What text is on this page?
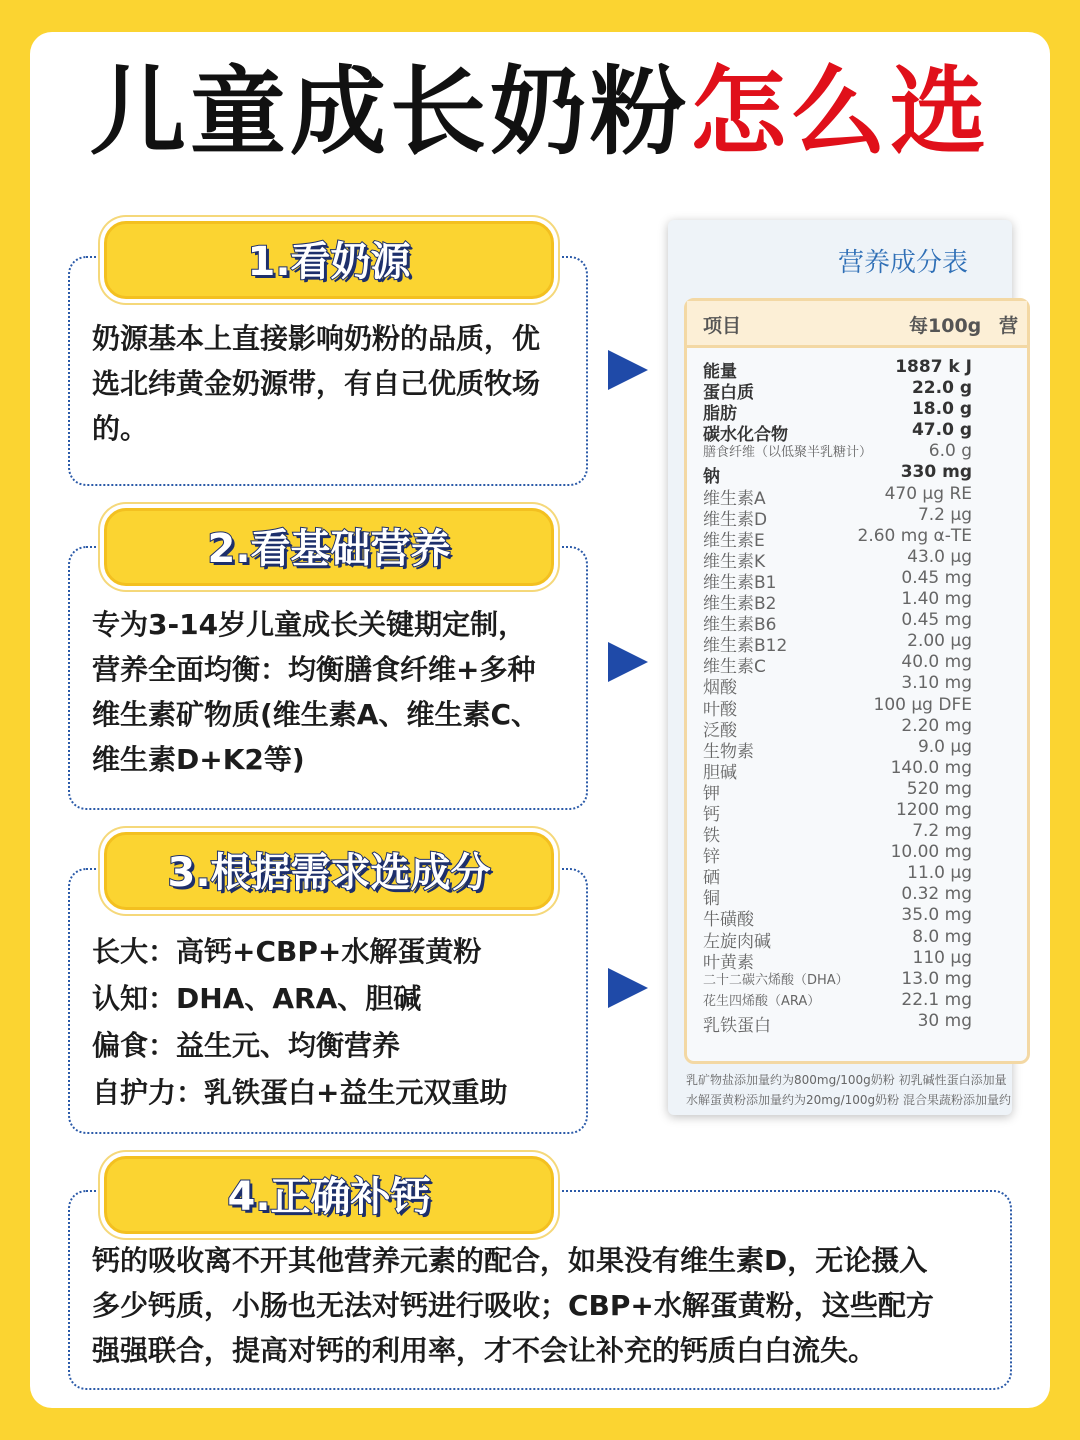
儿童成长奶粉怎么选
1.看奶源
奶源基本上直接影响奶粉的品质，优
选北纬黄金奶源带，有自己优质牧场
的。
2.看基础营养
专为3-14岁儿童成长关键期定制，
营养全面均衡：均衡膳食纤维+多种
维生素矿物质(维生素A、维生素C、
维生素D+K2等)
3.根据需求选成分
长大：高钙+CBP+水解蛋黄粉
认知：DHA、ARA、胆碱
偏食：益生元、均衡营养
自护力：乳铁蛋白+益生元双重助
4.正确补钙
钙的吸收离不开其他营养元素的配合，如果没有维生素D，无论摄入
多少钙质，小肠也无法对钙进行吸收；CBP+水解蛋黄粉，这些配方
强强联合，提高对钙的利用率，才不会让补充的钙质白白流失。
营养成分表
项目	每100g 营
能量	1887 k J
蛋白质	22.0 g
脂肪	18.0 g
碳水化合物	47.0 g
膳食纤维（以低聚半乳糖计）	6.0 g
钠	330 mg
维生素A	470 μg RE
维生素D	7.2 μg
维生素E	2.60 mg α-TE
维生素K	43.0 μg
维生素B1	0.45 mg
维生素B2	1.40 mg
维生素B6	0.45 mg
维生素B12	2.00 μg
维生素C	40.0 mg
烟酸	3.10 mg
叶酸	100 μg DFE
泛酸	2.20 mg
生物素	9.0 μg
胆碱	140.0 mg
钾	520 mg
钙	1200 mg
铁	7.2 mg
锌	10.00 mg
硒	11.0 μg
铜	0.32 mg
牛磺酸	35.0 mg
左旋肉碱	8.0 mg
叶黄素	110 μg
二十二碳六烯酸（DHA）	13.0 mg
花生四烯酸（ARA）	22.1 mg
乳铁蛋白	30 mg
乳矿物盐添加量约为800mg/100g奶粉 初乳碱性蛋白添加量
水解蛋黄粉添加量约为20mg/100g奶粉 混合果蔬粉添加量约
